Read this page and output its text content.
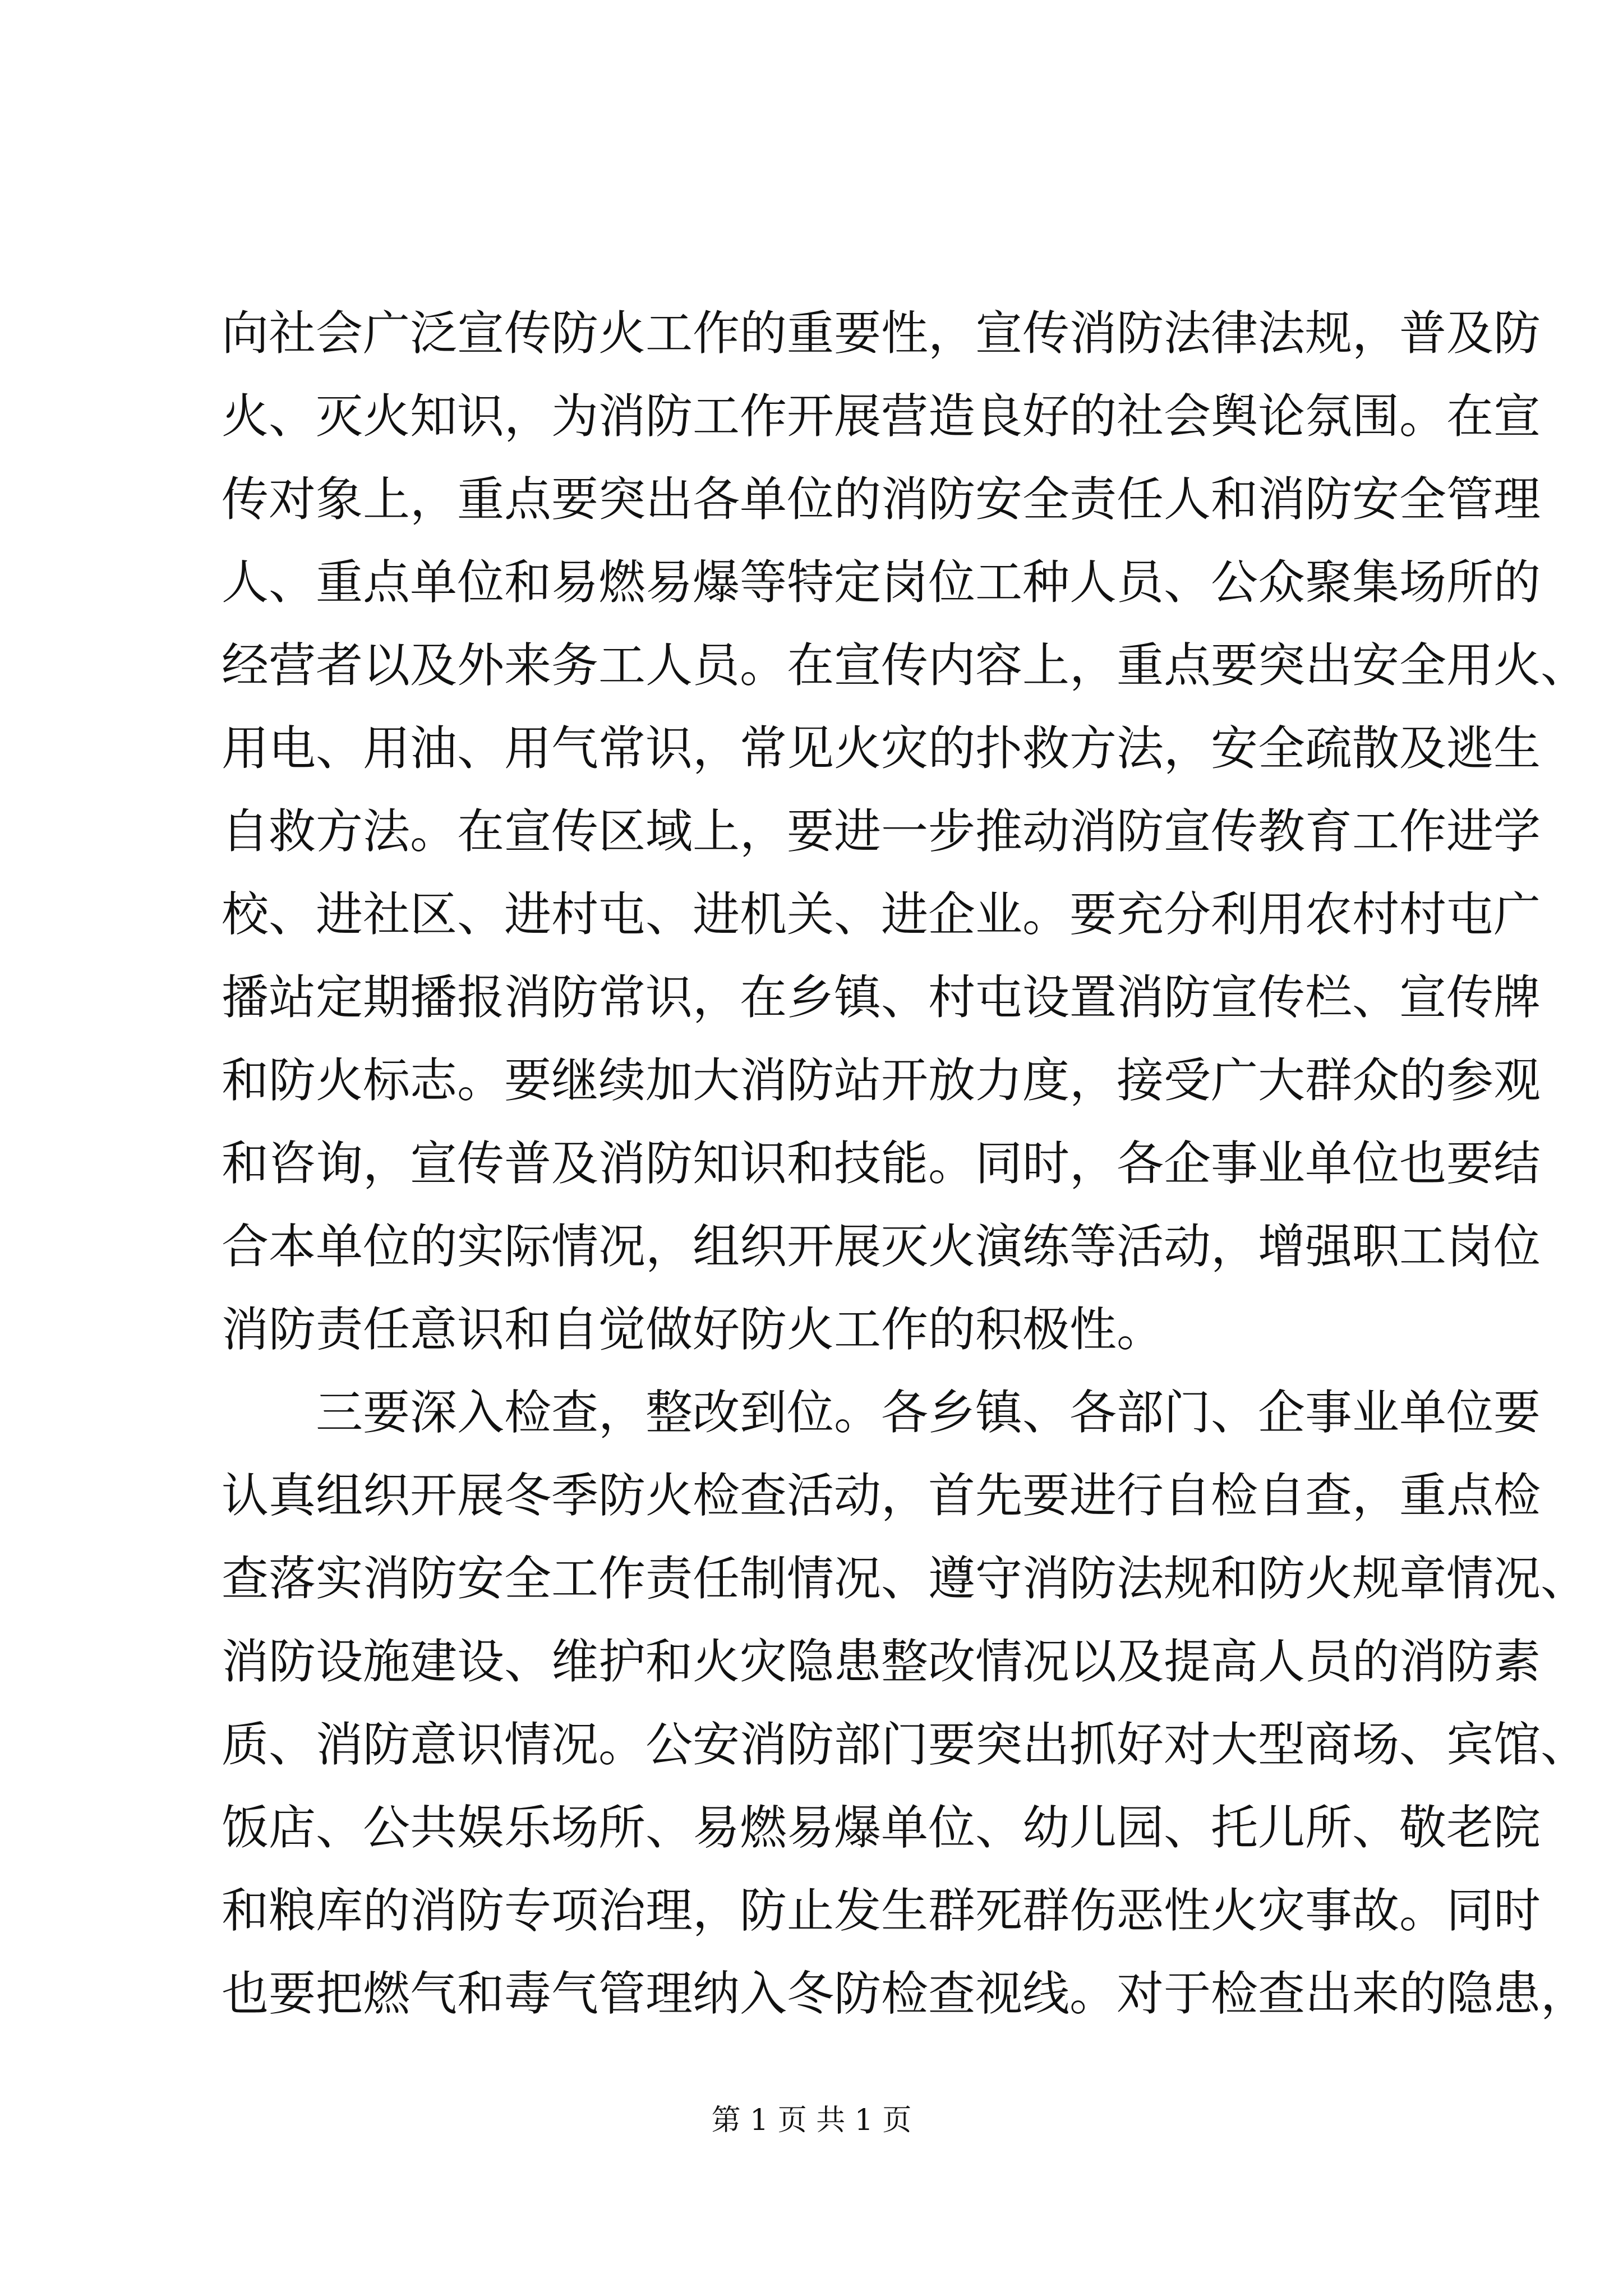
向社会广泛宣传防火工作的重要性，宣传消防法律法规，普及防
火、灭火知识，为消防工作开展营造良好的社会舆论氛围。在宣
传对象上，重点要突出各单位的消防安全责任人和消防安全管理
人、重点单位和易燃易爆等特定岗位工种人员、公众聚集场所的
经营者以及外来务工人员。在宣传内容上，重点要突出安全用火、
用电、用油、用气常识，常见火灾的扑救方法，安全疏散及逃生
自救方法。在宣传区域上，要进一步推动消防宣传教育工作进学
校、进社区、进村屯、进机关、进企业。要充分利用农村村屯广
播站定期播报消防常识，在乡镇、村屯设置消防宣传栏、宣传牌
和防火标志。要继续加大消防站开放力度，接受广大群众的参观
和咨询，宣传普及消防知识和技能。同时，各企事业单位也要结
合本单位的实际情况，组织开展灭火演练等活动，增强职工岗位
消防责任意识和自觉做好防火工作的积极性。
三要深入检查，整改到位。各乡镇、各部门、企事业单位要
认真组织开展冬季防火检查活动，首先要进行自检自查，重点检
查落实消防安全工作责任制情况、遵守消防法规和防火规章情况、
消防设施建设、维护和火灾隐患整改情况以及提高人员的消防素
质、消防意识情况。公安消防部门要突出抓好对大型商场、宾馆、
饭店、公共娱乐场所、易燃易爆单位、幼儿园、托儿所、敬老院
和粮库的消防专项治理，防止发生群死群伤恶性火灾事故。同时
也要把燃气和毒气管理纳入冬防检查视线。对于检查出来的隐患，
第 1 页 共 1 页
